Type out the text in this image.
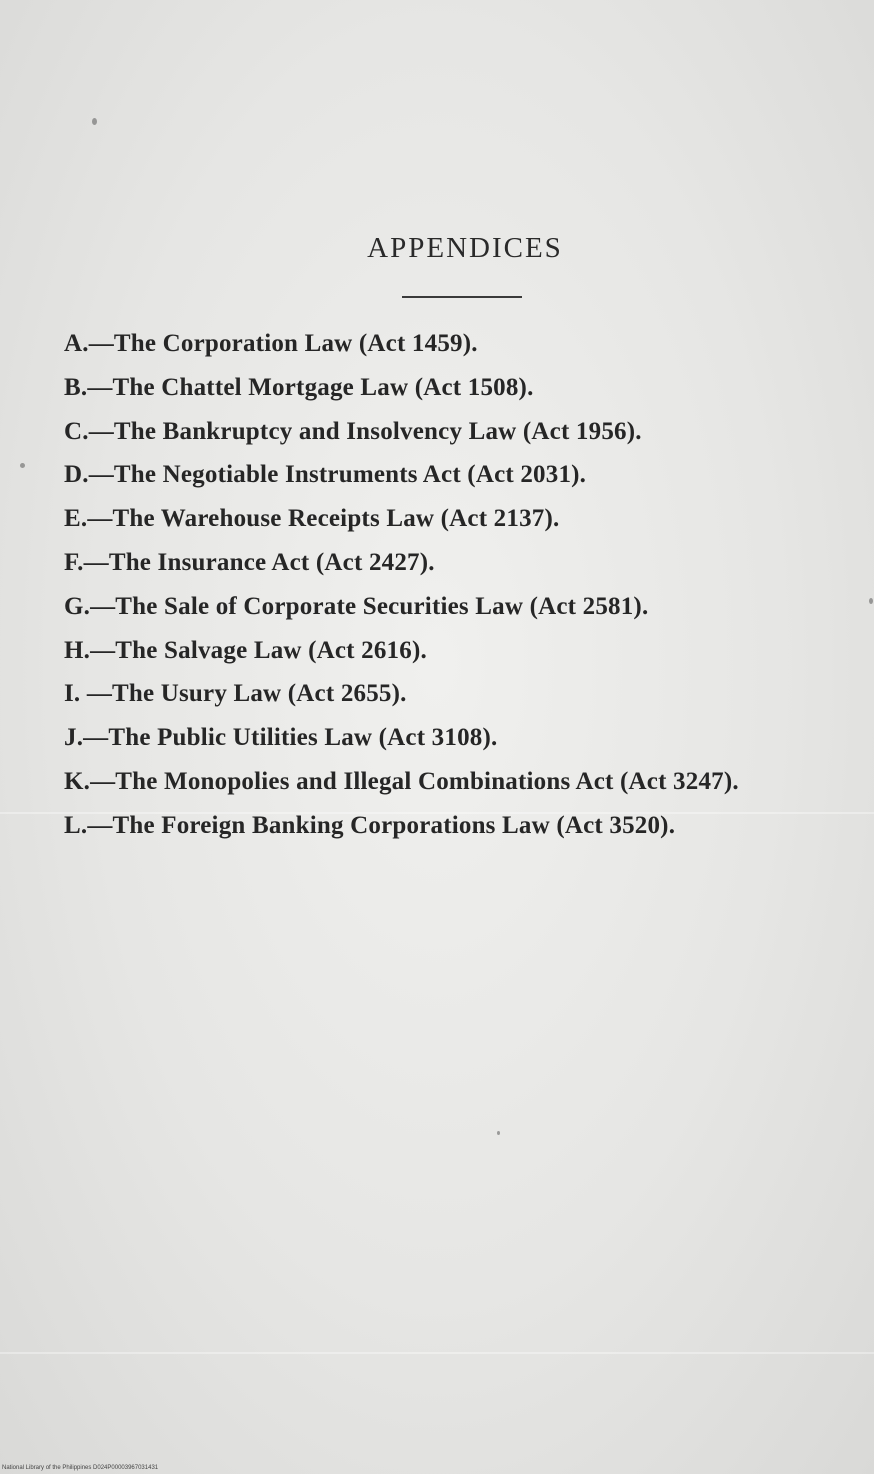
APPENDICES
A.—The Corporation Law (Act 1459).
B.—The Chattel Mortgage Law (Act 1508).
C.—The Bankruptcy and Insolvency Law (Act 1956).
D.—The Negotiable Instruments Act (Act 2031).
E.—The Warehouse Receipts Law (Act 2137).
F.—The Insurance Act (Act 2427).
G.—The Sale of Corporate Securities Law (Act 2581).
H.—The Salvage Law (Act 2616).
I. —The Usury Law (Act 2655).
J.—The Public Utilities Law (Act 3108).
K.—The Monopolies and Illegal Combinations Act (Act 3247).
L.—The Foreign Banking Corporations Law (Act 3520).
National Library of the Philippines D024P00003967031431
